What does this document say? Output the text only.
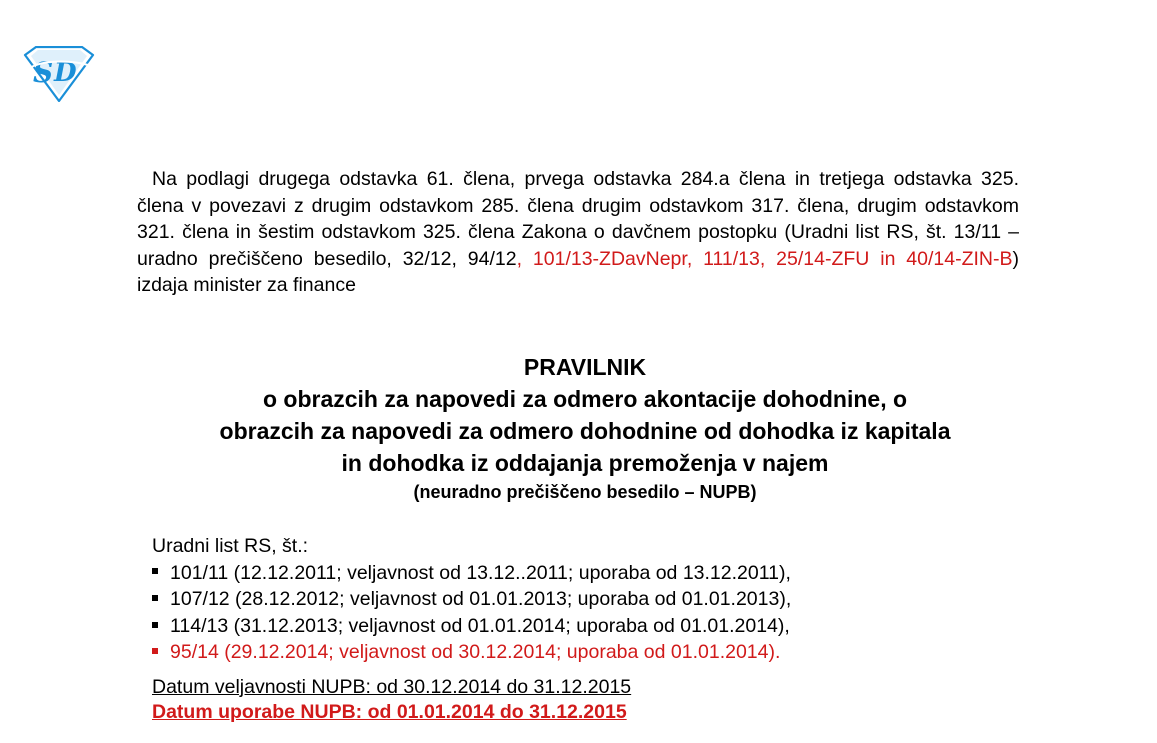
S D

Na podlagi drugega odstavka 61. člena, prvega odstavka 284.a člena in tretjega odstavka 325. člena v povezavi z drugim odstavkom 285. člena drugim odstavkom 317. člena, drugim odstavkom 321. člena in šestim odstavkom 325. člena Zakona o davčnem postopku (Uradni list RS, št. 13/11 – uradno prečiščeno besedilo, 32/12, 94/12, 101/13-ZDavNepr, 111/13, 25/14-ZFU in 40/14-ZIN-B) izdaja minister za finance

PRAVILNIK
o obrazcih za napovedi za odmero akontacije dohodnine, o
obrazcih za napovedi za odmero dohodnine od dohodka iz kapitala
in dohodka iz oddajanja premoženja v najem
(neuradno prečiščeno besedilo – NUPB)
Uradni list RS, št.:
101/11 (12.12.2011; veljavnost od 13.12..2011; uporaba od 13.12.2011),
107/12 (28.12.2012; veljavnost od 01.01.2013; uporaba od 01.01.2013),
114/13 (31.12.2013; veljavnost od 01.01.2014; uporaba od 01.01.2014),
95/14 (29.12.2014; veljavnost od 30.12.2014; uporaba od 01.01.2014).
Datum veljavnosti NUPB: od 30.12.2014 do 31.12.2015
Datum uporabe NUPB: od 01.01.2014 do 31.12.2015
